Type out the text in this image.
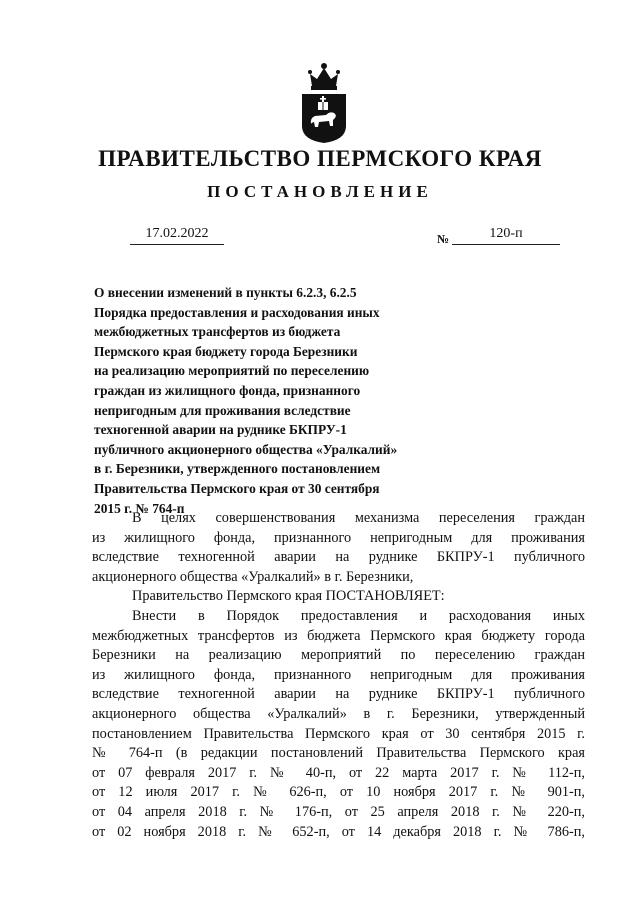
ПРАВИТЕЛЬСТВО ПЕРМСКОГО КРАЯ
ПОСТАНОВЛЕНИЕ
17.02.2022	№	120-п
О внесении изменений в пункты 6.2.3, 6.2.5
Порядка предоставления и расходования иных
межбюджетных трансфертов из бюджета
Пермского края бюджету города Березники
на реализацию мероприятий по переселению
граждан из жилищного фонда, признанного
непригодным для проживания вследствие
техногенной аварии на руднике БКПРУ-1
публичного акционерного общества «Уралкалий»
в г. Березники, утвержденного постановлением
Правительства Пермского края от 30 сентября
2015 г. № 764-п
В целях совершенствования механизма переселения граждан
из жилищного фонда, признанного непригодным для проживания
вследствие техногенной аварии на руднике БКПРУ-1 публичного
акционерного общества «Уралкалий» в г. Березники,
Правительство Пермского края ПОСТАНОВЛЯЕТ:
Внести в Порядок предоставления и расходования иных
межбюджетных трансфертов из бюджета Пермского края бюджету города
Березники на реализацию мероприятий по переселению граждан
из жилищного фонда, признанного непригодным для проживания
вследствие техногенной аварии на руднике БКПРУ-1 публичного
акционерного общества «Уралкалий» в г. Березники, утвержденный
постановлением Правительства Пермского края от 30 сентября 2015 г.
№ 764-п (в редакции постановлений Правительства Пермского края
от 07 февраля 2017 г. № 40-п, от 22 марта 2017 г. № 112-п,
от 12 июля 2017 г. № 626-п, от 10 ноября 2017 г. № 901-п,
от 04 апреля 2018 г. № 176-п, от 25 апреля 2018 г. № 220-п,
от 02 ноября 2018 г. № 652-п, от 14 декабря 2018 г. № 786-п,
